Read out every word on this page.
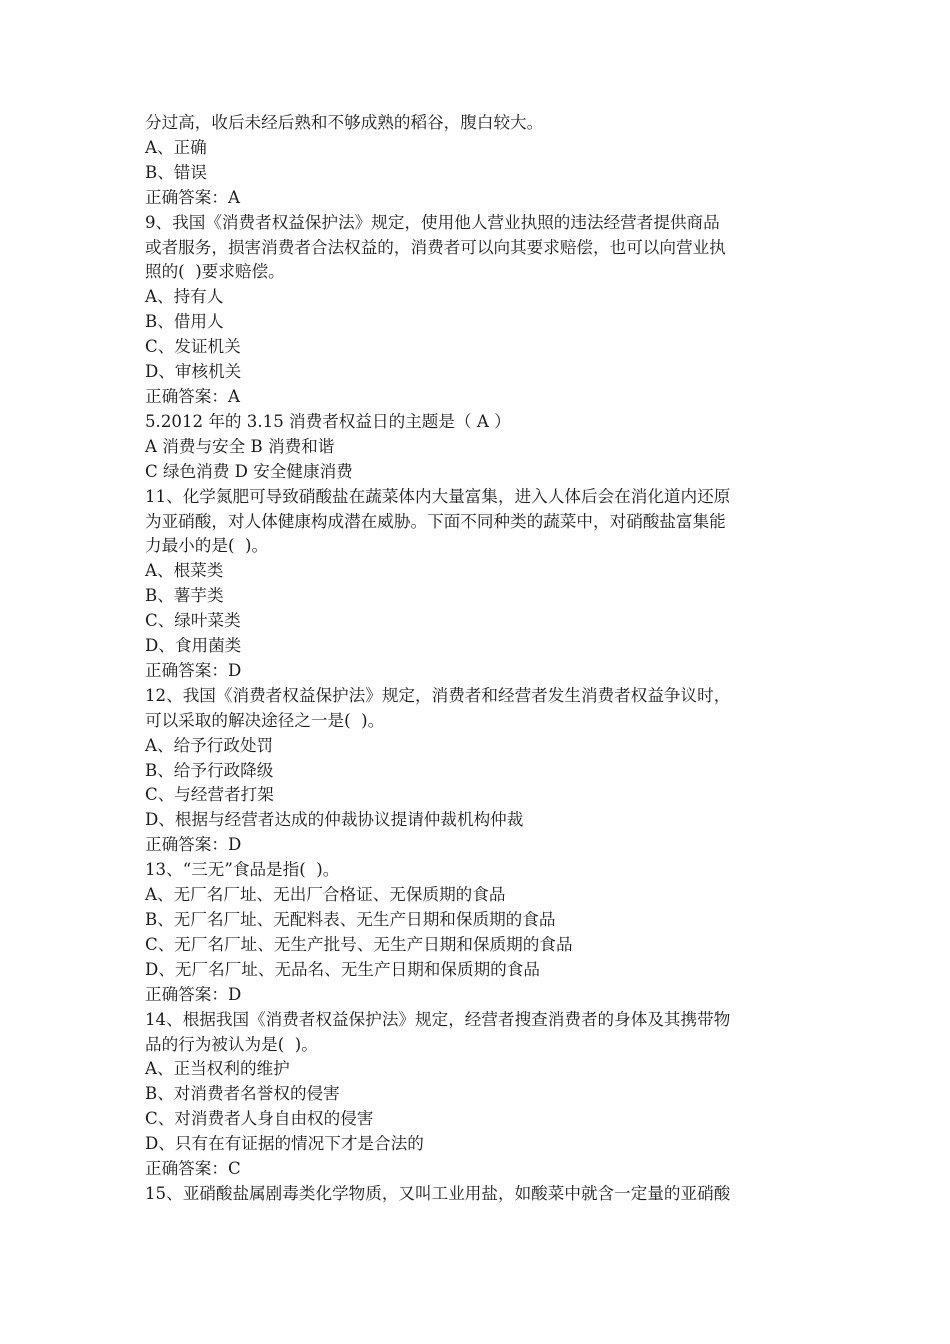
分过高，收后未经后熟和不够成熟的稻谷，腹白较大。
A、正确
B、错误
正确答案：A
9、我国《消费者权益保护法》规定，使用他人营业执照的违法经营者提供商品
或者服务，损害消费者合法权益的，消费者可以向其要求赔偿，也可以向营业执
照的(  )要求赔偿。
A、持有人
B、借用人
C、发证机关
D、审核机关
正确答案：A
5.2012 年的 3.15 消费者权益日的主题是（ A ）
A 消费与安全 B 消费和谐
C 绿色消费 D 安全健康消费
11、化学氮肥可导致硝酸盐在蔬菜体内大量富集，进入人体后会在消化道内还原
为亚硝酸，对人体健康构成潜在威胁。下面不同种类的蔬菜中，对硝酸盐富集能
力最小的是(  )。
A、根菜类
B、薯芋类
C、绿叶菜类
D、食用菌类
正确答案：D
12、我国《消费者权益保护法》规定，消费者和经营者发生消费者权益争议时，
可以采取的解决途径之一是(  )。
A、给予行政处罚
B、给予行政降级
C、与经营者打架
D、根据与经营者达成的仲裁协议提请仲裁机构仲裁
正确答案：D
13、“三无”食品是指(  )。
A、无厂名厂址、无出厂合格证、无保质期的食品
B、无厂名厂址、无配料表、无生产日期和保质期的食品
C、无厂名厂址、无生产批号、无生产日期和保质期的食品
D、无厂名厂址、无品名、无生产日期和保质期的食品
正确答案：D
14、根据我国《消费者权益保护法》规定，经营者搜查消费者的身体及其携带物
品的行为被认为是(  )。
A、正当权利的维护
B、对消费者名誉权的侵害
C、对消费者人身自由权的侵害
D、只有在有证据的情况下才是合法的
正确答案：C
15、亚硝酸盐属剧毒类化学物质，又叫工业用盐，如酸菜中就含一定量的亚硝酸
